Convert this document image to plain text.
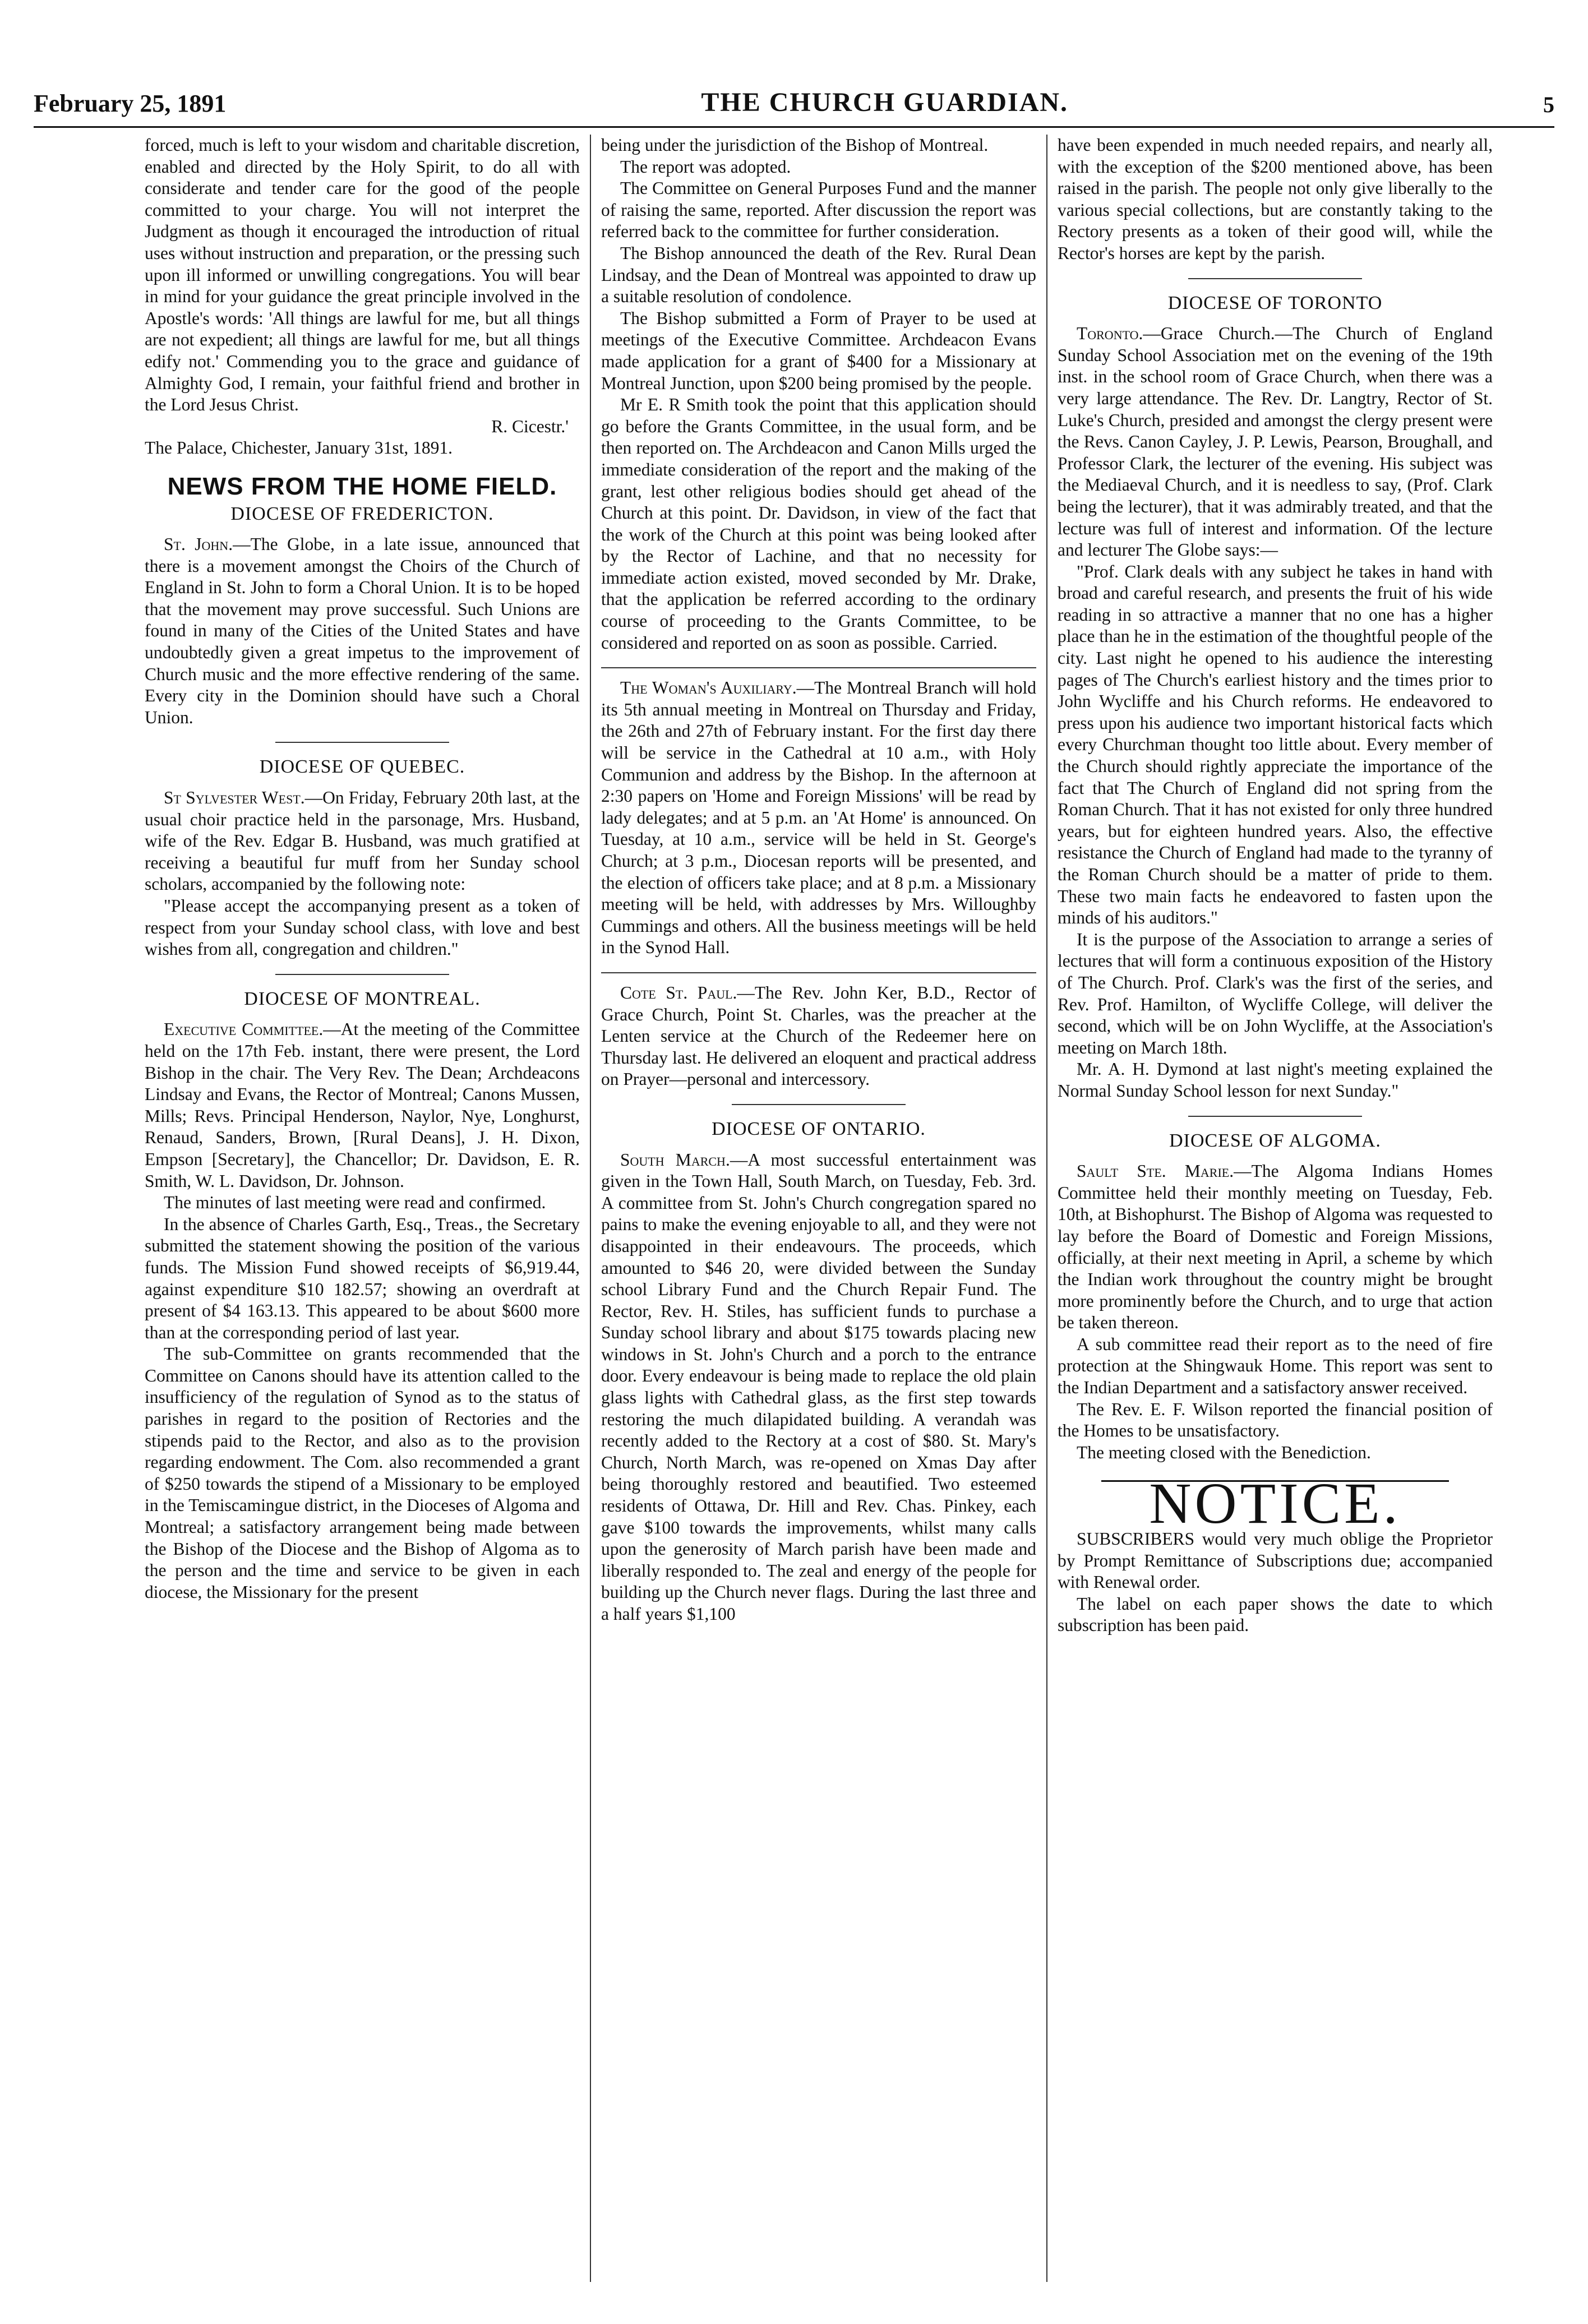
February 25, 1891	THE CHURCH GUARDIAN.	5

forced, much is left to your wisdom and charitable discretion, enabled and directed by the Holy Spirit, to do all with considerate and tender care for the good of the people committed to your charge. You will not interpret the Judgment as though it encouraged the introduction of ritual uses without instruction and preparation, or the pressing such upon ill informed or unwilling congregations. You will bear in mind for your guidance the great principle involved in the Apostle's words: 'All things are lawful for me, but all things are not expedient; all things are lawful for me, but all things edify not.' Commending you to the grace and guidance of Almighty God, I remain, your faithful friend and brother in the Lord Jesus Christ.

R. Cicestr.'

The Palace, Chichester, January 31st, 1891.

NEWS FROM THE HOME FIELD.
DIOCESE OF FREDERICTON.

St. John.—The Globe, in a late issue, announced that there is a movement amongst the Choirs of the Church of England in St. John to form a Choral Union. It is to be hoped that the movement may prove successful. Such Unions are found in many of the Cities of the United States and have undoubtedly given a great impetus to the improvement of Church music and the more effective rendering of the same. Every city in the Dominion should have such a Choral Union.

DIOCESE OF QUEBEC.

St Sylvester West.—On Friday, February 20th last, at the usual choir practice held in the parsonage, Mrs. Husband, wife of the Rev. Edgar B. Husband, was much gratified at receiving a beautiful fur muff from her Sunday school scholars, accompanied by the following note:

"Please accept the accompanying present as a token of respect from your Sunday school class, with love and best wishes from all, congregation and children."

DIOCESE OF MONTREAL.

Executive Committee.—At the meeting of the Committee held on the 17th Feb. instant, there were present, the Lord Bishop in the chair. The Very Rev. The Dean; Archdeacons Lindsay and Evans, the Rector of Montreal; Canons Mussen, Mills; Revs. Principal Henderson, Naylor, Nye, Longhurst, Renaud, Sanders, Brown, [Rural Deans], J. H. Dixon, Empson [Secretary], the Chancellor; Dr. Davidson, E. R. Smith, W. L. Davidson, Dr. Johnson.

The minutes of last meeting were read and confirmed.

In the absence of Charles Garth, Esq., Treas., the Secretary submitted the statement showing the position of the various funds. The Mission Fund showed receipts of $6,919.44, against expenditure $10 182.57; showing an overdraft at present of $4 163.13. This appeared to be about $600 more than at the corresponding period of last year.

The sub-Committee on grants recommended that the Committee on Canons should have its attention called to the insufficiency of the regulation of Synod as to the status of parishes in regard to the position of Rectories and the stipends paid to the Rector, and also as to the provision regarding endowment. The Com. also recommended a grant of $250 towards the stipend of a Missionary to be employed in the Temiscamingue district, in the Dioceses of Algoma and Montreal; a satisfactory arrangement being made between the Bishop of the Diocese and the Bishop of Algoma as to the person and the time and service to be given in each diocese, the Missionary for the present

being under the jurisdiction of the Bishop of Montreal.

The report was adopted.

The Committee on General Purposes Fund and the manner of raising the same, reported. After discussion the report was referred back to the committee for further consideration.

The Bishop announced the death of the Rev. Rural Dean Lindsay, and the Dean of Montreal was appointed to draw up a suitable resolution of condolence.

The Bishop submitted a Form of Prayer to be used at meetings of the Executive Committee. Archdeacon Evans made application for a grant of $400 for a Missionary at Montreal Junction, upon $200 being promised by the people.

Mr E. R Smith took the point that this application should go before the Grants Committee, in the usual form, and be then reported on. The Archdeacon and Canon Mills urged the immediate consideration of the report and the making of the grant, lest other religious bodies should get ahead of the Church at this point. Dr. Davidson, in view of the fact that the work of the Church at this point was being looked after by the Rector of Lachine, and that no necessity for immediate action existed, moved seconded by Mr. Drake, that the application be referred according to the ordinary course of proceeding to the Grants Committee, to be considered and reported on as soon as possible. Carried.

The Woman's Auxiliary.—The Montreal Branch will hold its 5th annual meeting in Montreal on Thursday and Friday, the 26th and 27th of February instant. For the first day there will be service in the Cathedral at 10 a.m., with Holy Communion and address by the Bishop. In the afternoon at 2:30 papers on 'Home and Foreign Missions' will be read by lady delegates; and at 5 p.m. an 'At Home' is announced. On Tuesday, at 10 a.m., service will be held in St. George's Church; at 3 p.m., Diocesan reports will be presented, and the election of officers take place; and at 8 p.m. a Missionary meeting will be held, with addresses by Mrs. Willoughby Cummings and others. All the business meetings will be held in the Synod Hall.

Cote St. Paul.—The Rev. John Ker, B.D., Rector of Grace Church, Point St. Charles, was the preacher at the Lenten service at the Church of the Redeemer here on Thursday last. He delivered an eloquent and practical address on Prayer—personal and intercessory.

DIOCESE OF ONTARIO.

South March.—A most successful entertainment was given in the Town Hall, South March, on Tuesday, Feb. 3rd. A committee from St. John's Church congregation spared no pains to make the evening enjoyable to all, and they were not disappointed in their endeavours. The proceeds, which amounted to $46 20, were divided between the Sunday school Library Fund and the Church Repair Fund. The Rector, Rev. H. Stiles, has sufficient funds to purchase a Sunday school library and about $175 towards placing new windows in St. John's Church and a porch to the entrance door. Every endeavour is being made to replace the old plain glass lights with Cathedral glass, as the first step towards restoring the much dilapidated building. A verandah was recently added to the Rectory at a cost of $80. St. Mary's Church, North March, was re-opened on Xmas Day after being thoroughly restored and beautified. Two esteemed residents of Ottawa, Dr. Hill and Rev. Chas. Pinkey, each gave $100 towards the improvements, whilst many calls upon the generosity of March parish have been made and liberally responded to. The zeal and energy of the people for building up the Church never flags. During the last three and a half years $1,100

have been expended in much needed repairs, and nearly all, with the exception of the $200 mentioned above, has been raised in the parish. The people not only give liberally to the various special collections, but are constantly taking to the Rectory presents as a token of their good will, while the Rector's horses are kept by the parish.

DIOCESE OF TORONTO

Toronto.—Grace Church.—The Church of England Sunday School Association met on the evening of the 19th inst. in the school room of Grace Church, when there was a very large attendance. The Rev. Dr. Langtry, Rector of St. Luke's Church, presided and amongst the clergy present were the Revs. Canon Cayley, J. P. Lewis, Pearson, Broughall, and Professor Clark, the lecturer of the evening. His subject was the Mediaeval Church, and it is needless to say, (Prof. Clark being the lecturer), that it was admirably treated, and that the lecture was full of interest and information. Of the lecture and lecturer The Globe says:—

"Prof. Clark deals with any subject he takes in hand with broad and careful research, and presents the fruit of his wide reading in so attractive a manner that no one has a higher place than he in the estimation of the thoughtful people of the city. Last night he opened to his audience the interesting pages of The Church's earliest history and the times prior to John Wycliffe and his Church reforms. He endeavored to press upon his audience two important historical facts which every Churchman thought too little about. Every member of the Church should rightly appreciate the importance of the fact that The Church of England did not spring from the Roman Church. That it has not existed for only three hundred years, but for eighteen hundred years. Also, the effective resistance the Church of England had made to the tyranny of the Roman Church should be a matter of pride to them. These two main facts he endeavored to fasten upon the minds of his auditors."

It is the purpose of the Association to arrange a series of lectures that will form a continuous exposition of the History of The Church. Prof. Clark's was the first of the series, and Rev. Prof. Hamilton, of Wycliffe College, will deliver the second, which will be on John Wycliffe, at the Association's meeting on March 18th.

Mr. A. H. Dymond at last night's meeting explained the Normal Sunday School lesson for next Sunday."

DIOCESE OF ALGOMA.

Sault Ste. Marie.—The Algoma Indians Homes Committee held their monthly meeting on Tuesday, Feb. 10th, at Bishophurst. The Bishop of Algoma was requested to lay before the Board of Domestic and Foreign Missions, officially, at their next meeting in April, a scheme by which the Indian work throughout the country might be brought more prominently before the Church, and to urge that action be taken thereon.

A sub committee read their report as to the need of fire protection at the Shingwauk Home. This report was sent to the Indian Department and a satisfactory answer received.

The Rev. E. F. Wilson reported the financial position of the Homes to be unsatisfactory.

The meeting closed with the Benediction.

NOTICE.

SUBSCRIBERS would very much oblige the Proprietor by Prompt Remittance of Subscriptions due; accompanied with Renewal order.

The label on each paper shows the date to which subscription has been paid.
